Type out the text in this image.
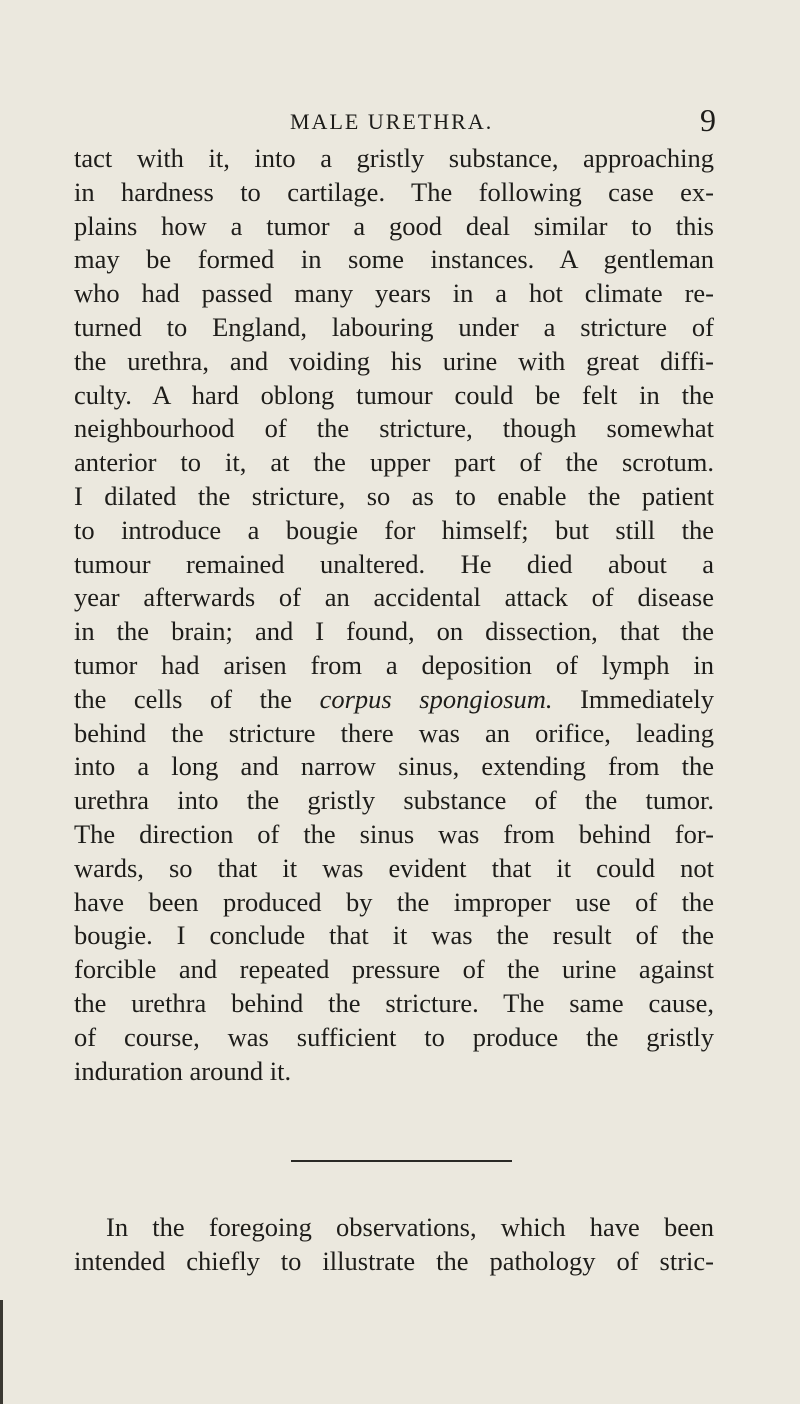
MALE URETHRA.	9
tact with it, into a gristly substance, approaching
in hardness to cartilage. The following case ex-
plains how a tumor a good deal similar to this
may be formed in some instances. A gentleman
who had passed many years in a hot climate re-
turned to England, labouring under a stricture of
the urethra, and voiding his urine with great diffi-
culty. A hard oblong tumour could be felt in the
neighbourhood of the stricture, though somewhat
anterior to it, at the upper part of the scrotum.
I dilated the stricture, so as to enable the patient
to introduce a bougie for himself; but still the
tumour remained unaltered. He died about a
year afterwards of an accidental attack of disease
in the brain; and I found, on dissection, that the
tumor had arisen from a deposition of lymph in
the cells of the corpus spongiosum. Immediately
behind the stricture there was an orifice, leading
into a long and narrow sinus, extending from the
urethra into the gristly substance of the tumor.
The direction of the sinus was from behind for-
wards, so that it was evident that it could not
have been produced by the improper use of the
bougie. I conclude that it was the result of the
forcible and repeated pressure of the urine against
the urethra behind the stricture. The same cause,
of course, was sufficient to produce the gristly
induration around it.
In the foregoing observations, which have been
intended chiefly to illustrate the pathology of stric-
